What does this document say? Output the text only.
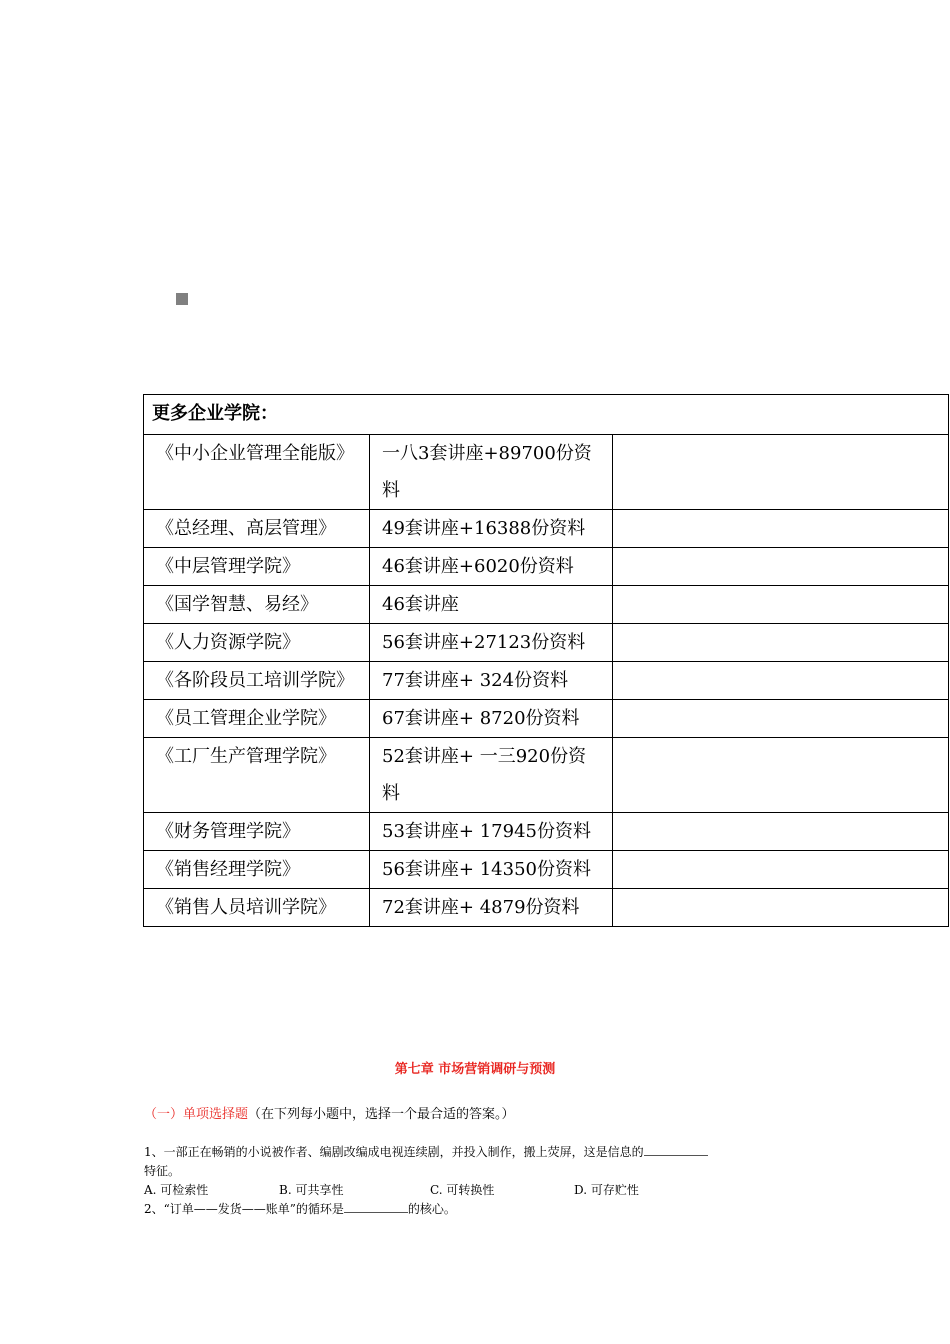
更多企业学院：		
《中小企业管理全能版》	一八3套讲座+89700份资料	
《总经理、高层管理》	49套讲座+16388份资料	
《中层管理学院》	46套讲座+6020份资料	
《国学智慧、易经》	46套讲座	
《人力资源学院》	56套讲座+27123份资料	
《各阶段员工培训学院》	77套讲座+ 324份资料	
《员工管理企业学院》	67套讲座+ 8720份资料	
《工厂生产管理学院》	52套讲座+ 一三920份资料	
《财务管理学院》	53套讲座+ 17945份资料	
《销售经理学院》	56套讲座+ 14350份资料	
《销售人员培训学院》	72套讲座+ 4879份资料	
第七章 市场营销调研与预测
（一）单项选择题（在下列每小题中，选择一个最合适的答案。）
1、一部正在畅销的小说被作者、编剧改编成电视连续剧，并投入制作，搬上荧屏，这是信息的
特征。
A. 可检索性	B. 可共享性	C. 可转换性	D. 可存贮性
2、“订单——发货——账单”的循环是	的核心。
